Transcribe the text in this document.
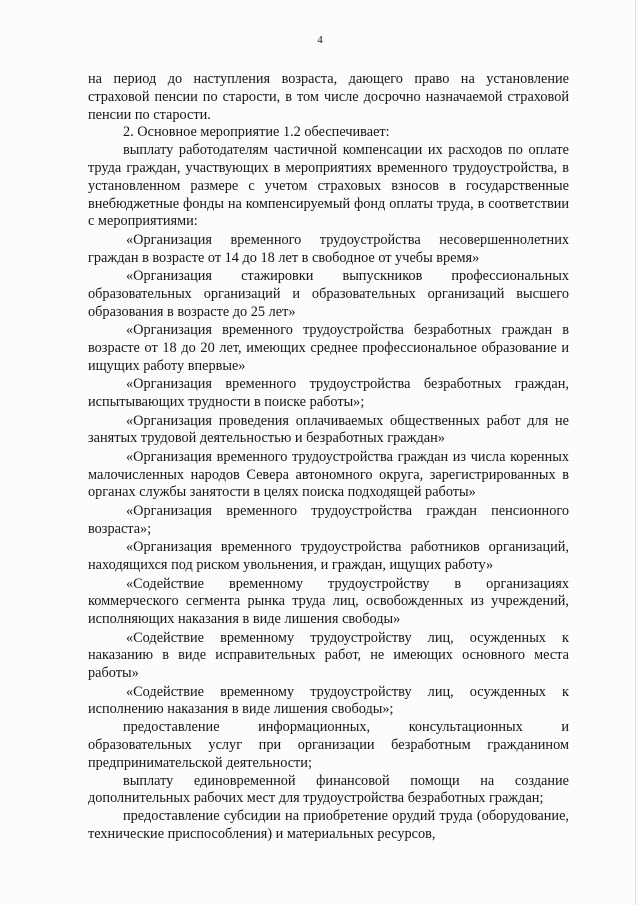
4

на период до наступления возраста, дающего право на установление страховой пенсии по старости, в том числе досрочно назначаемой страховой пенсии по старости.

2. Основное мероприятие 1.2 обеспечивает:

выплату работодателям частичной компенсации их расходов по оплате труда граждан, участвующих в мероприятиях временного трудоустройства, в установленном размере с учетом страховых взносов в государственные внебюджетные фонды на компенсируемый фонд оплаты труда, в соответствии с мероприятиями:

«Организация временного трудоустройства несовершеннолетних граждан в возрасте от 14 до 18 лет в свободное от учебы время»

«Организация стажировки выпускников профессиональных образовательных организаций и образовательных организаций высшего образования в возрасте до 25 лет»

«Организация временного трудоустройства безработных граждан в возрасте от 18 до 20 лет, имеющих среднее профессиональное образование и ищущих работу впервые»

«Организация временного трудоустройства безработных граждан, испытывающих трудности в поиске работы»;

«Организация проведения оплачиваемых общественных работ для не занятых трудовой деятельностью и безработных граждан»

«Организация временного трудоустройства граждан из числа коренных малочисленных народов Севера автономного округа, зарегистрированных в органах службы занятости в целях поиска подходящей работы»

«Организация временного трудоустройства граждан пенсионного возраста»;

«Организация временного трудоустройства работников организаций, находящихся под риском увольнения, и граждан, ищущих работу»

«Содействие временному трудоустройству в организациях коммерческого сегмента рынка труда лиц, освобожденных из учреждений, исполняющих наказания в виде лишения свободы»

«Содействие временному трудоустройству лиц, осужденных к наказанию в виде исправительных работ, не имеющих основного места работы»

«Содействие временному трудоустройству лиц, осужденных к исполнению наказания в виде лишения свободы»;

предоставление информационных, консультационных и образовательных услуг при организации безработным гражданином предпринимательской деятельности;

выплату единовременной финансовой помощи на создание дополнительных рабочих мест для трудоустройства безработных граждан;

предоставление субсидии на приобретение орудий труда (оборудование, технические приспособления) и материальных ресурсов,
